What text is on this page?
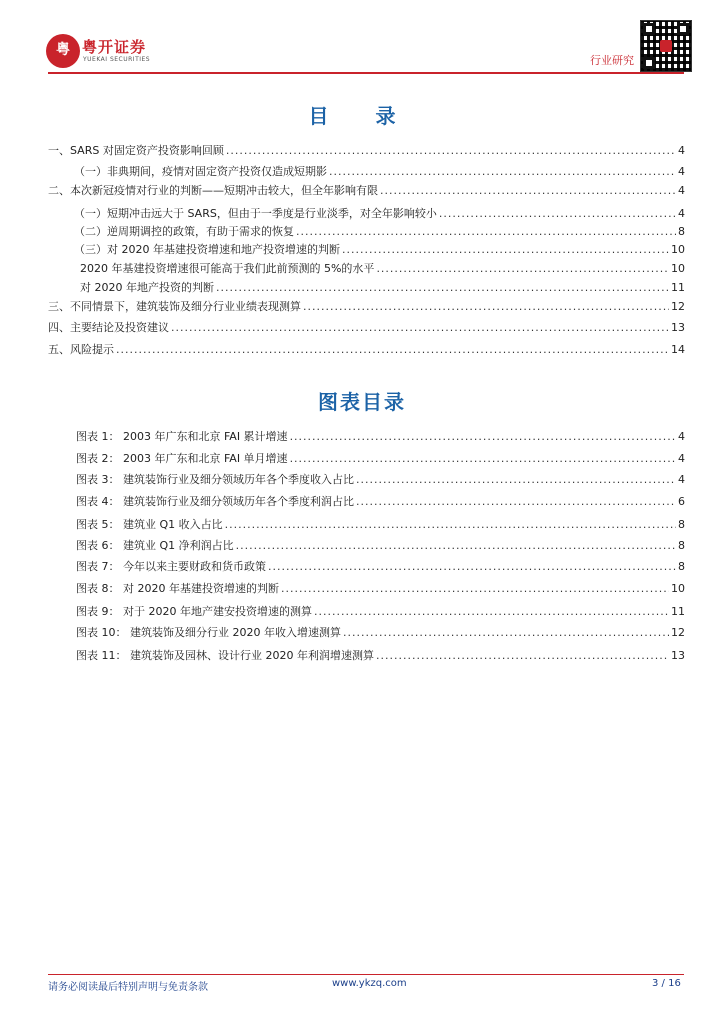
粤 粤开证券
YUEKAI SECURITIES	行业研究
目 录
一、SARS 对固定资产投资影响回顾 .....	4
（一）非典期间，疫情对固定资产投资仅造成短期影 .....	4
二、本次新冠疫情对行业的判断——短期冲击较大，但全年影响有限 .....	4
（一）短期冲击远大于 SARS，但由于一季度是行业淡季，对全年影响较小 .....	4
（二）逆周期调控的政策，有助于需求的恢复 .....	8
（三）对 2020 年基建投资增速和地产投资增速的判断 .....	10
2020 年基建投资增速很可能高于我们此前预测的 5%的水平 .....	10
对 2020 年地产投资的判断 .....	11
三、不同情景下，建筑装饰及细分行业业绩表现测算 .....	12
四、主要结论及投资建议 .....	13
五、风险提示 .....	14
图表目录
图表 1： 2003 年广东和北京 FAI 累计增速 .....	4
图表 2： 2003 年广东和北京 FAI 单月增速 .....	4
图表 3： 建筑装饰行业及细分领域历年各个季度收入占比 .....	4
图表 4： 建筑装饰行业及细分领域历年各个季度利润占比 .....	6
图表 5： 建筑业 Q1 收入占比 .....	8
图表 6： 建筑业 Q1 净利润占比 .....	8
图表 7： 今年以来主要财政和货币政策 .....	8
图表 8： 对 2020 年基建投资增速的判断 .....	10
图表 9： 对于 2020 年地产建安投资增速的测算 .....	11
图表 10： 建筑装饰及细分行业 2020 年收入增速测算 .....	12
图表 11： 建筑装饰及园林、设计行业 2020 年利润增速测算 .....	13
请务必阅读最后特别声明与免责条款	www.ykzq.com	3 / 16
